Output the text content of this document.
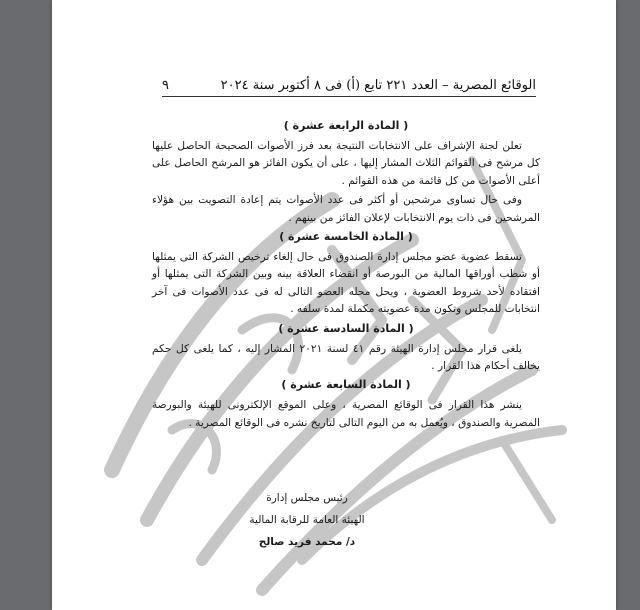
الوقائع المصرية – العدد ٢٢١ تابع (أ) فى ٨ أكتوبر سنة ٢٠٢٤
٩
( المادة الرابعة عشرة )

تعلن لجنة الإشراف على الانتخابات النتيجة بعد فرز الأصوات الصحيحة الحاصل عليها كل مرشح فى القوائم الثلاث المشار إليها ، على أن يكون الفائز هو المرشح الحاصل على أعلى الأصوات من كل قائمة من هذه القوائم .

وفى حال تساوى مرشحين أو أكثر فى عدد الأصوات يتم إعادة التصويت بين هؤلاء المرشحين فى ذات يوم الانتخابات لإعلان الفائز من بينهم .

( المادة الخامسة عشرة )

تسقط عضوية عضو مجلس إدارة الصندوق فى حال إلغاء ترخيص الشركة التى يمثلها أو شطب أوراقها المالية من البورصة أو انقضاء العلاقة بينه وبين الشركة التى يمثلها أو افتقاده لأحد شروط العضوية ، ويحل محله العضو التالى له فى عدد الأصوات فى آخر انتخابات للمجلس وتكون مدة عضويته مكملة لمدة سلفه .

( المادة السادسة عشرة )

يلغى قرار مجلس إدارة الهيئة رقم ٤١ لسنة ٢٠٢١ المشار إليه ، كما يلغى كل حكم يخالف أحكام هذا القرار .

( المادة السابعة عشرة )

ينشر هذا القرار فى الوقائع المصرية ، وعلى الموقع الإلكترونى للهيئة والبورصة المصرية والصندوق ، ويُعمل به من اليوم التالى لتاريخ نشره فى الوقائع المصرية .

رئيس مجلس إدارة
الهيئة العامة للرقابة المالية
د/ محمد فريد صالح
